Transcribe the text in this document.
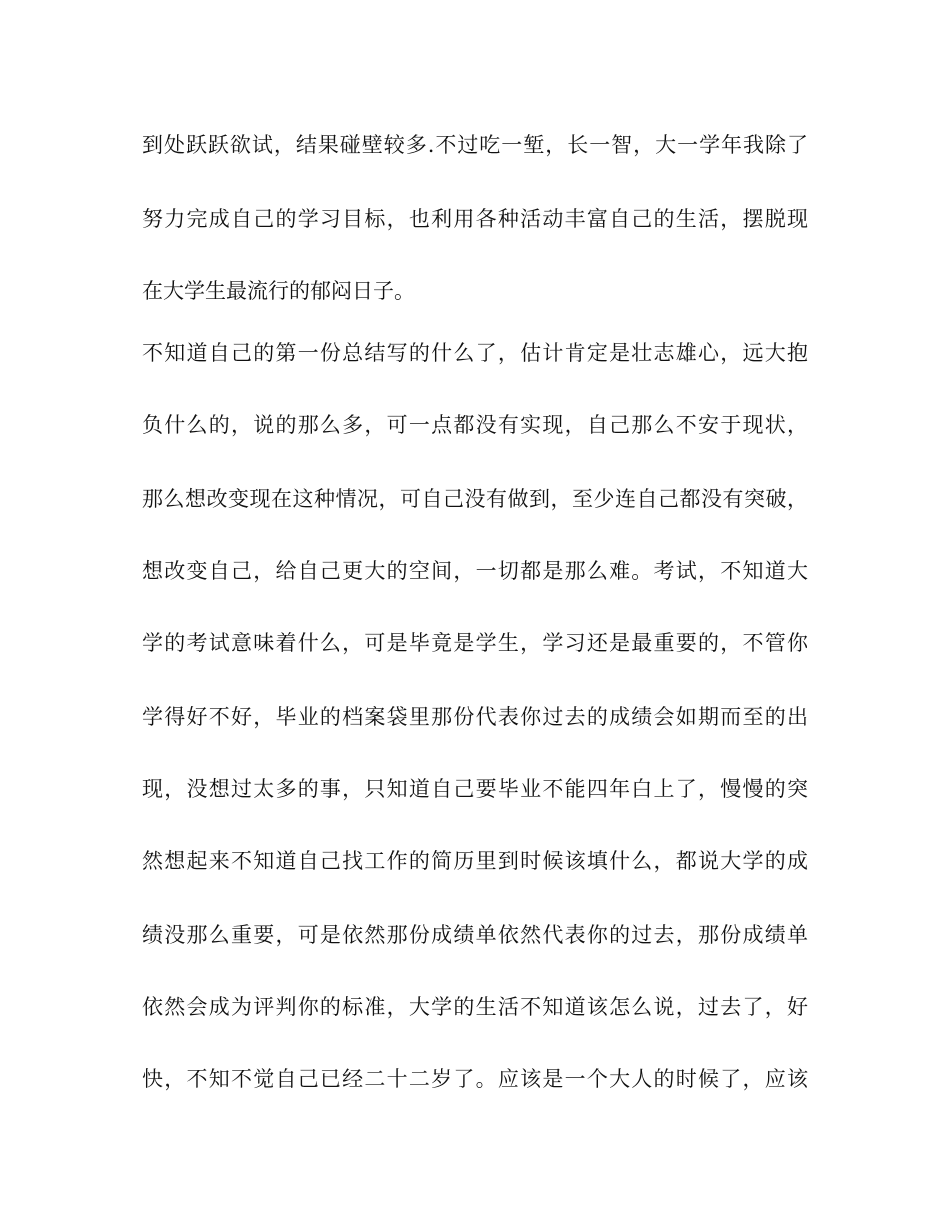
到处跃跃欲试，结果碰壁较多.不过吃一堑，长一智，大一学年我除了
努力完成自己的学习目标，也利用各种活动丰富自己的生活，摆脱现
在大学生最流行的郁闷日子。
不知道自己的第一份总结写的什么了，估计肯定是壮志雄心，远大抱
负什么的，说的那么多，可一点都没有实现，自己那么不安于现状，
那么想改变现在这种情况，可自己没有做到，至少连自己都没有突破，
想改变自己，给自己更大的空间，一切都是那么难。考试，不知道大
学的考试意味着什么，可是毕竟是学生，学习还是最重要的，不管你
学得好不好，毕业的档案袋里那份代表你过去的成绩会如期而至的出
现，没想过太多的事，只知道自己要毕业不能四年白上了，慢慢的突
然想起来不知道自己找工作的简历里到时候该填什么，都说大学的成
绩没那么重要，可是依然那份成绩单依然代表你的过去，那份成绩单
依然会成为评判你的标准，大学的生活不知道该怎么说，过去了，好
快，不知不觉自己已经二十二岁了。应该是一个大人的时候了，应该
